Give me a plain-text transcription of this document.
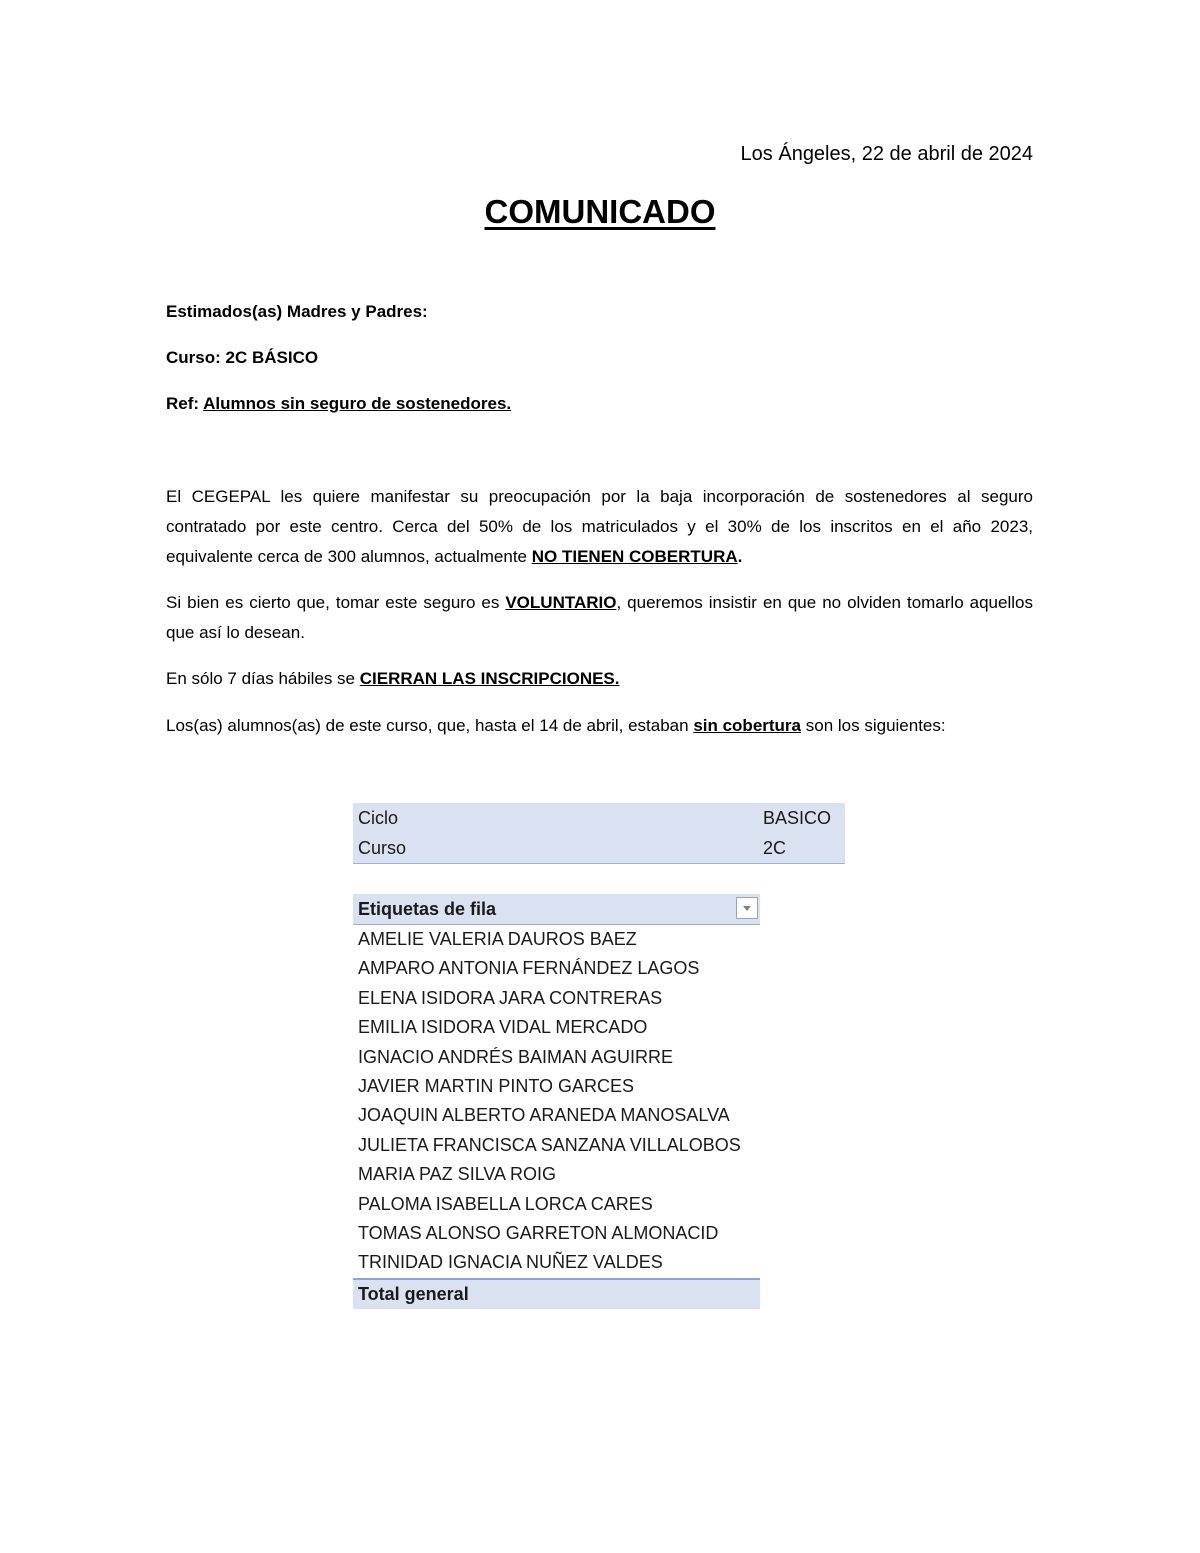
Los Ángeles, 22 de abril de 2024
COMUNICADO
Estimados(as) Madres y Padres:
Curso: 2C BÁSICO
Ref: Alumnos sin seguro de sostenedores.
El CEGEPAL les quiere manifestar su preocupación por la baja incorporación de sostenedores al seguro contratado por este centro. Cerca del 50% de los matriculados y el 30% de los inscritos en el año 2023, equivalente cerca de 300 alumnos, actualmente NO TIENEN COBERTURA.
Si bien es cierto que, tomar este seguro es VOLUNTARIO, queremos insistir en que no olviden tomarlo aquellos que así lo desean.
En sólo 7 días hábiles se CIERRAN LAS INSCRIPCIONES.
Los(as) alumnos(as) de este curso, que, hasta el 14 de abril, estaban sin cobertura son los siguientes:
Ciclo	BASICO
Curso	2C
Etiquetas de fila
AMELIE VALERIA DAUROS BAEZ
AMPARO ANTONIA FERNÁNDEZ LAGOS
ELENA ISIDORA JARA CONTRERAS
EMILIA ISIDORA VIDAL MERCADO
IGNACIO ANDRÉS BAIMAN AGUIRRE
JAVIER MARTIN PINTO GARCES
JOAQUIN ALBERTO ARANEDA MANOSALVA
JULIETA FRANCISCA SANZANA VILLALOBOS
MARIA PAZ SILVA ROIG
PALOMA ISABELLA LORCA CARES
TOMAS ALONSO GARRETON ALMONACID
TRINIDAD IGNACIA NUÑEZ VALDES
Total general
